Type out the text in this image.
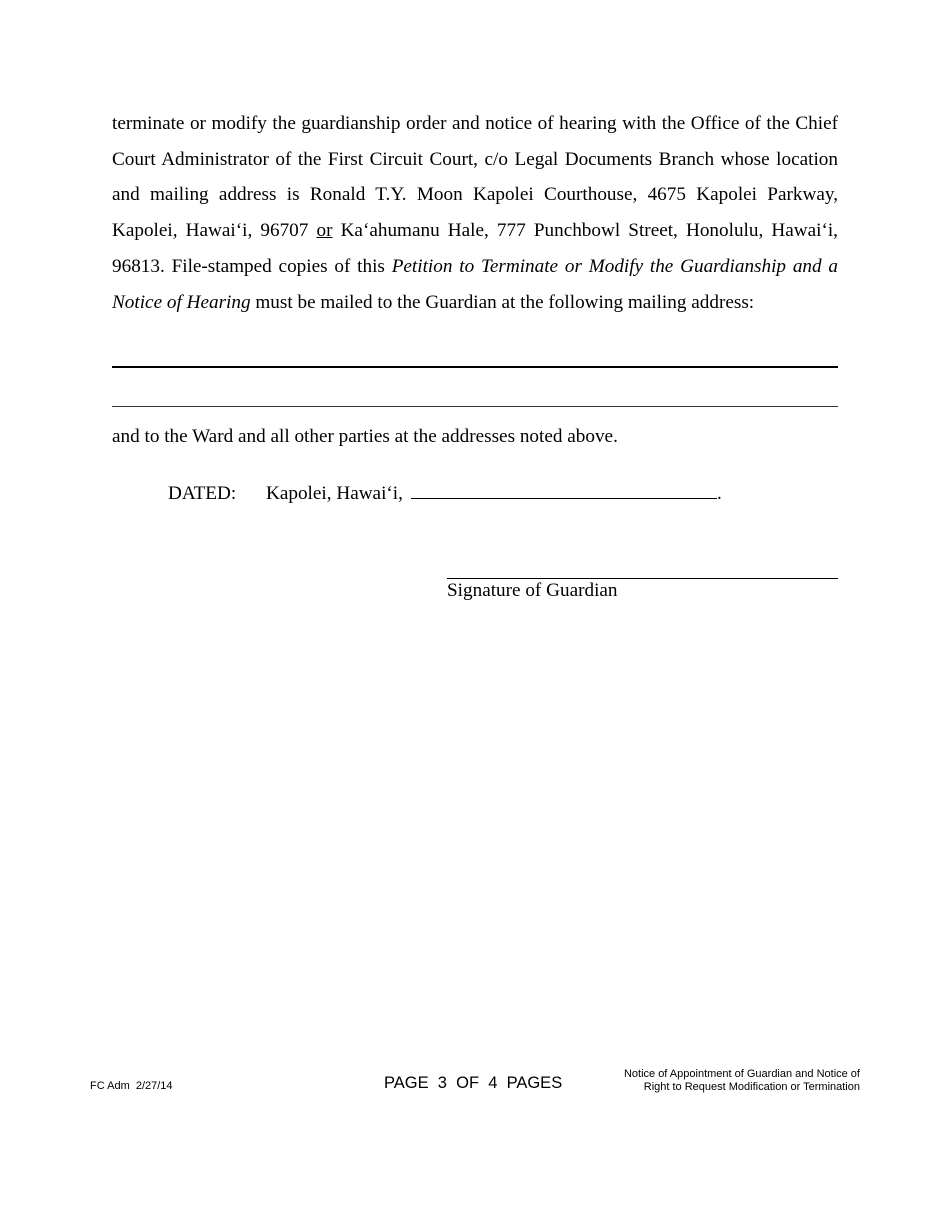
terminate or modify the guardianship order and notice of hearing with the Office of the Chief Court Administrator of the First Circuit Court, c/o Legal Documents Branch whose location and mailing address is Ronald T.Y. Moon Kapolei Courthouse, 4675 Kapolei Parkway, Kapolei, Hawai‘i, 96707 or Ka‘ahumanu Hale, 777 Punchbowl Street, Honolulu, Hawai‘i, 96813. File-stamped copies of this Petition to Terminate or Modify the Guardianship and a Notice of Hearing must be mailed to the Guardian at the following mailing address:

and to the Ward and all other parties at the addresses noted above.
DATED: Kapolei, Hawai‘i,	.
Signature of Guardian
FC Adm  2/27/14	PAGE  3  OF  4  PAGES	Notice of Appointment of Guardian and Notice of
Right to Request Modification or Termination
